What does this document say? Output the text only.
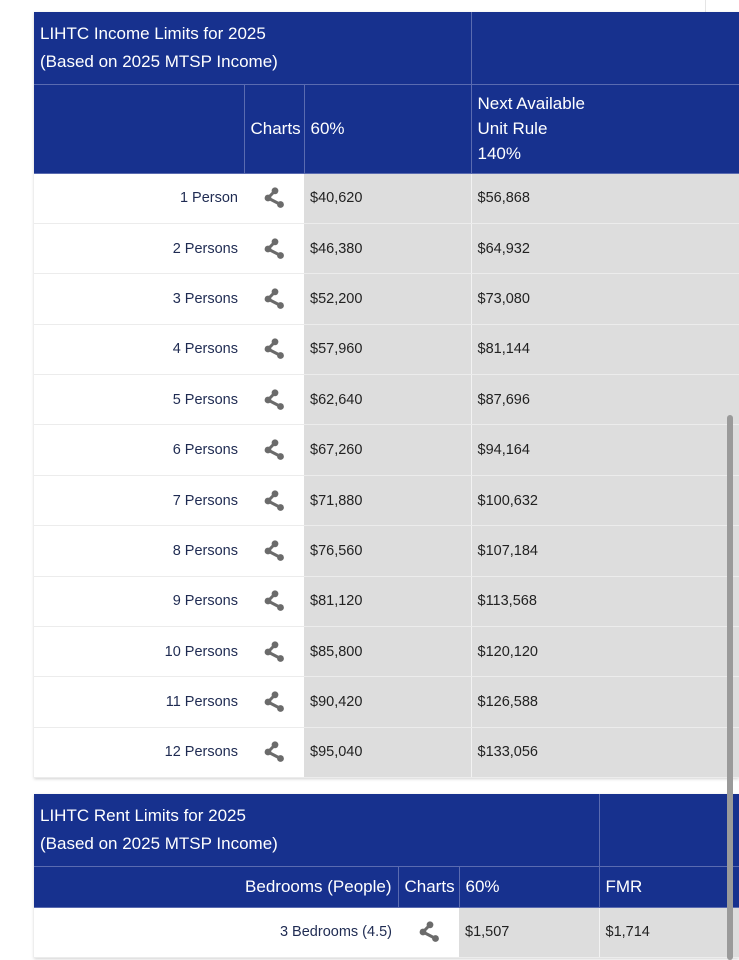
LIHTC Income Limits for 2025
(Based on 2025 MTSP Income)			

	Charts	60%	Next Available
Unit Rule
140%

1 Person		$40,620	$56,868
2 Persons		$46,380	$64,932
3 Persons		$52,200	$73,080
4 Persons		$57,960	$81,144
5 Persons		$62,640	$87,696
6 Persons		$67,260	$94,164
7 Persons		$71,880	$100,632
8 Persons		$76,560	$107,184
9 Persons		$81,120	$113,568
10 Persons		$85,800	$120,120
11 Persons		$90,420	$126,588
12 Persons		$95,040	$133,056
LIHTC Rent Limits for 2025
(Based on 2025 MTSP Income)			

Bedrooms (People)	Charts	60%	FMR
3 Bedrooms (4.5)		$1,507	$1,714
